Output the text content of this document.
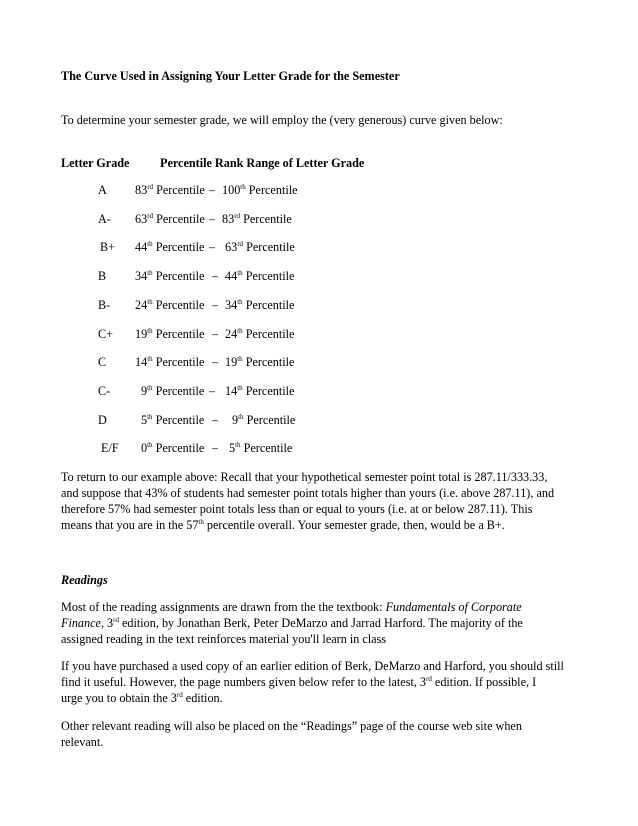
The Curve Used in Assigning Your Letter Grade for the Semester
To determine your semester grade, we will employ the (very generous) curve given below:
Letter Grade	Percentile Rank Range of Letter Grade
A 83rd Percentile – 100th Percentile
A- 63rd Percentile – 83rd Percentile
B+ 44th Percentile – 63rd Percentile
B 34th Percentile – 44th Percentile
B- 24th Percentile – 34th Percentile
C+ 19th Percentile – 24th Percentile
C 14th Percentile – 19th Percentile
C-	9th Percentile – 14th Percentile
D	5th Percentile – 9th Percentile
E/F 0th Percentile – 5th Percentile
To return to our example above: Recall that your hypothetical semester point total is 287.11/333.33,
and suppose that 43% of students had semester point totals higher than yours (i.e. above 287.11), and
therefore 57% had semester point totals less than or equal to yours (i.e. at or below 287.11). This
means that you are in the 57th percentile overall. Your semester grade, then, would be a B+.
Readings
Most of the reading assignments are drawn from the the textbook: Fundamentals of Corporate
Finance, 3rd edition, by Jonathan Berk, Peter DeMarzo and Jarrad Harford. The majority of the
assigned reading in the text reinforces material you'll learn in class
If you have purchased a used copy of an earlier edition of Berk, DeMarzo and Harford, you should still
find it useful. However, the page numbers given below refer to the latest, 3rd edition. If possible, I
urge you to obtain the 3rd edition.
Other relevant reading will also be placed on the “Readings” page of the course web site when
relevant.
